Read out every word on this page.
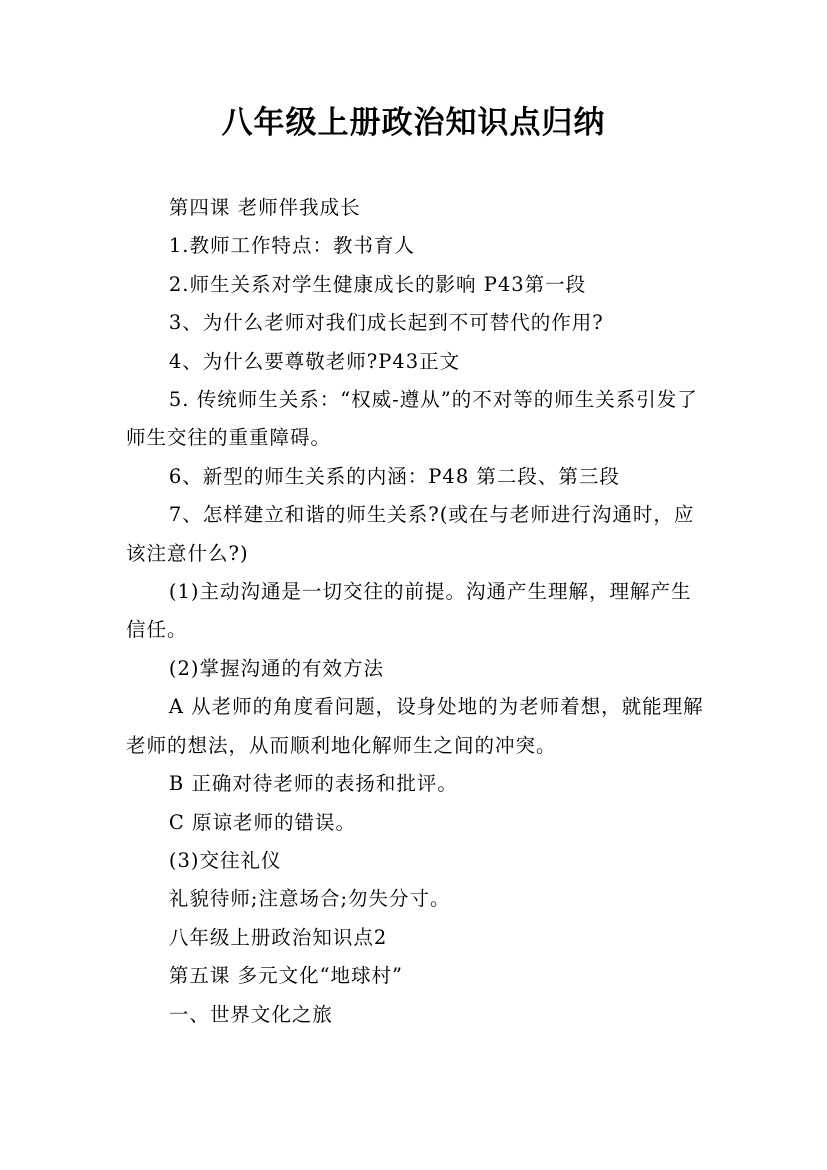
八年级上册政治知识点归纳

第四课 老师伴我成长

1.教师工作特点：教书育人

2.师生关系对学生健康成长的影响 P43第一段

3、为什么老师对我们成长起到不可替代的作用?

4、为什么要尊敬老师?P43正文

5. 传统师生关系：“权威-遵从”的不对等的师生关系引发了师生交往的重重障碍。

6、新型的师生关系的内涵：P48 第二段、第三段

7、怎样建立和谐的师生关系?(或在与老师进行沟通时，应该注意什么?)

(1)主动沟通是一切交往的前提。沟通产生理解，理解产生信任。

(2)掌握沟通的有效方法

A 从老师的角度看问题，设身处地的为老师着想，就能理解老师的想法，从而顺利地化解师生之间的冲突。

B 正确对待老师的表扬和批评。

C 原谅老师的错误。

(3)交往礼仪

礼貌待师;注意场合;勿失分寸。

八年级上册政治知识点2

第五课 多元文化“地球村”

一、世界文化之旅
